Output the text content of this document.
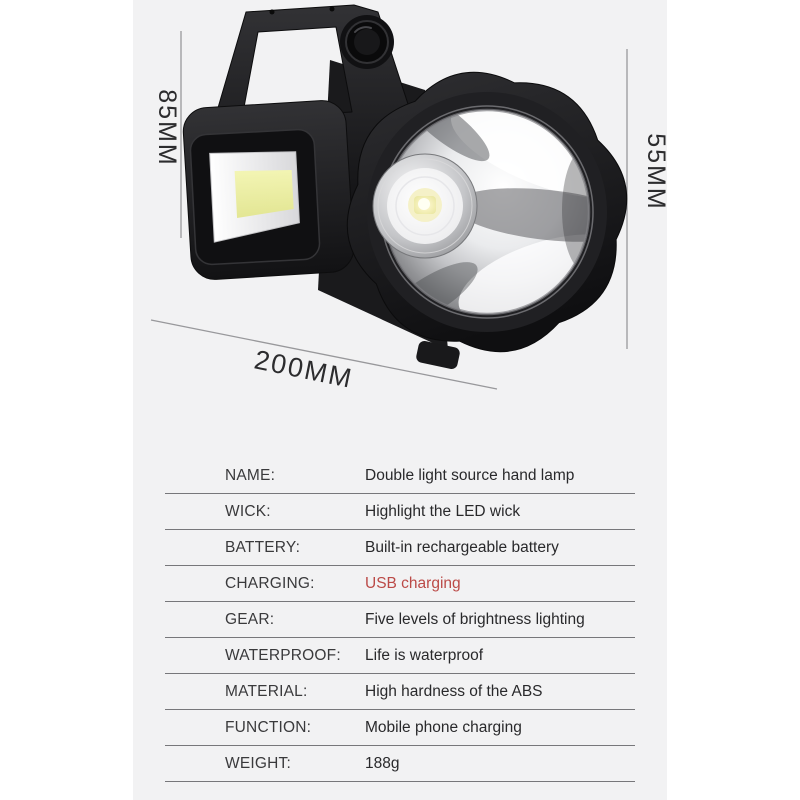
85MM
55MM
200MM
NAME:	Double light source hand lamp
WICK:	Highlight the LED wick
BATTERY:	Built-in rechargeable battery
CHARGING:	USB charging
GEAR:	Five levels of brightness lighting
WATERPROOF:	Life is waterproof
MATERIAL:	High hardness of the ABS
FUNCTION:	Mobile phone charging
WEIGHT:	188g
